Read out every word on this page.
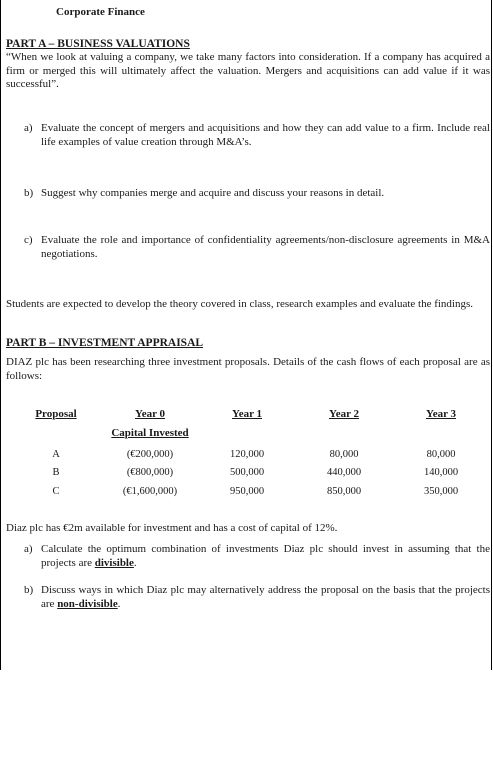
Corporate Finance
PART A – BUSINESS VALUATIONS
“When we look at valuing a company, we take many factors into consideration. If a company has acquired a firm or merged this will ultimately affect the valuation. Mergers and acquisitions can add value if it was successful”.
a) Evaluate the concept of mergers and acquisitions and how they can add value to a firm. Include real life examples of value creation through M&A’s.
b) Suggest why companies merge and acquire and discuss your reasons in detail.
c) Evaluate the role and importance of confidentiality agreements/non-disclosure agreements in M&A negotiations.
Students are expected to develop the theory covered in class, research examples and evaluate the findings.
PART B – INVESTMENT APPRAISAL
DIAZ plc has been researching three investment proposals. Details of the cash flows of each proposal are as follows:
Proposal	Year 0	Year 1	Year 2	Year 3
Capital Invested
A	(€200,000)	120,000	80,000	80,000
B	(€800,000)	500,000	440,000	140,000
C	(€1,600,000)	950,000	850,000	350,000
Diaz plc has €2m available for investment and has a cost of capital of 12%.
a) Calculate the optimum combination of investments Diaz plc should invest in assuming that the projects are divisible.
b) Discuss ways in which Diaz plc may alternatively address the proposal on the basis that the projects are non-divisible.
